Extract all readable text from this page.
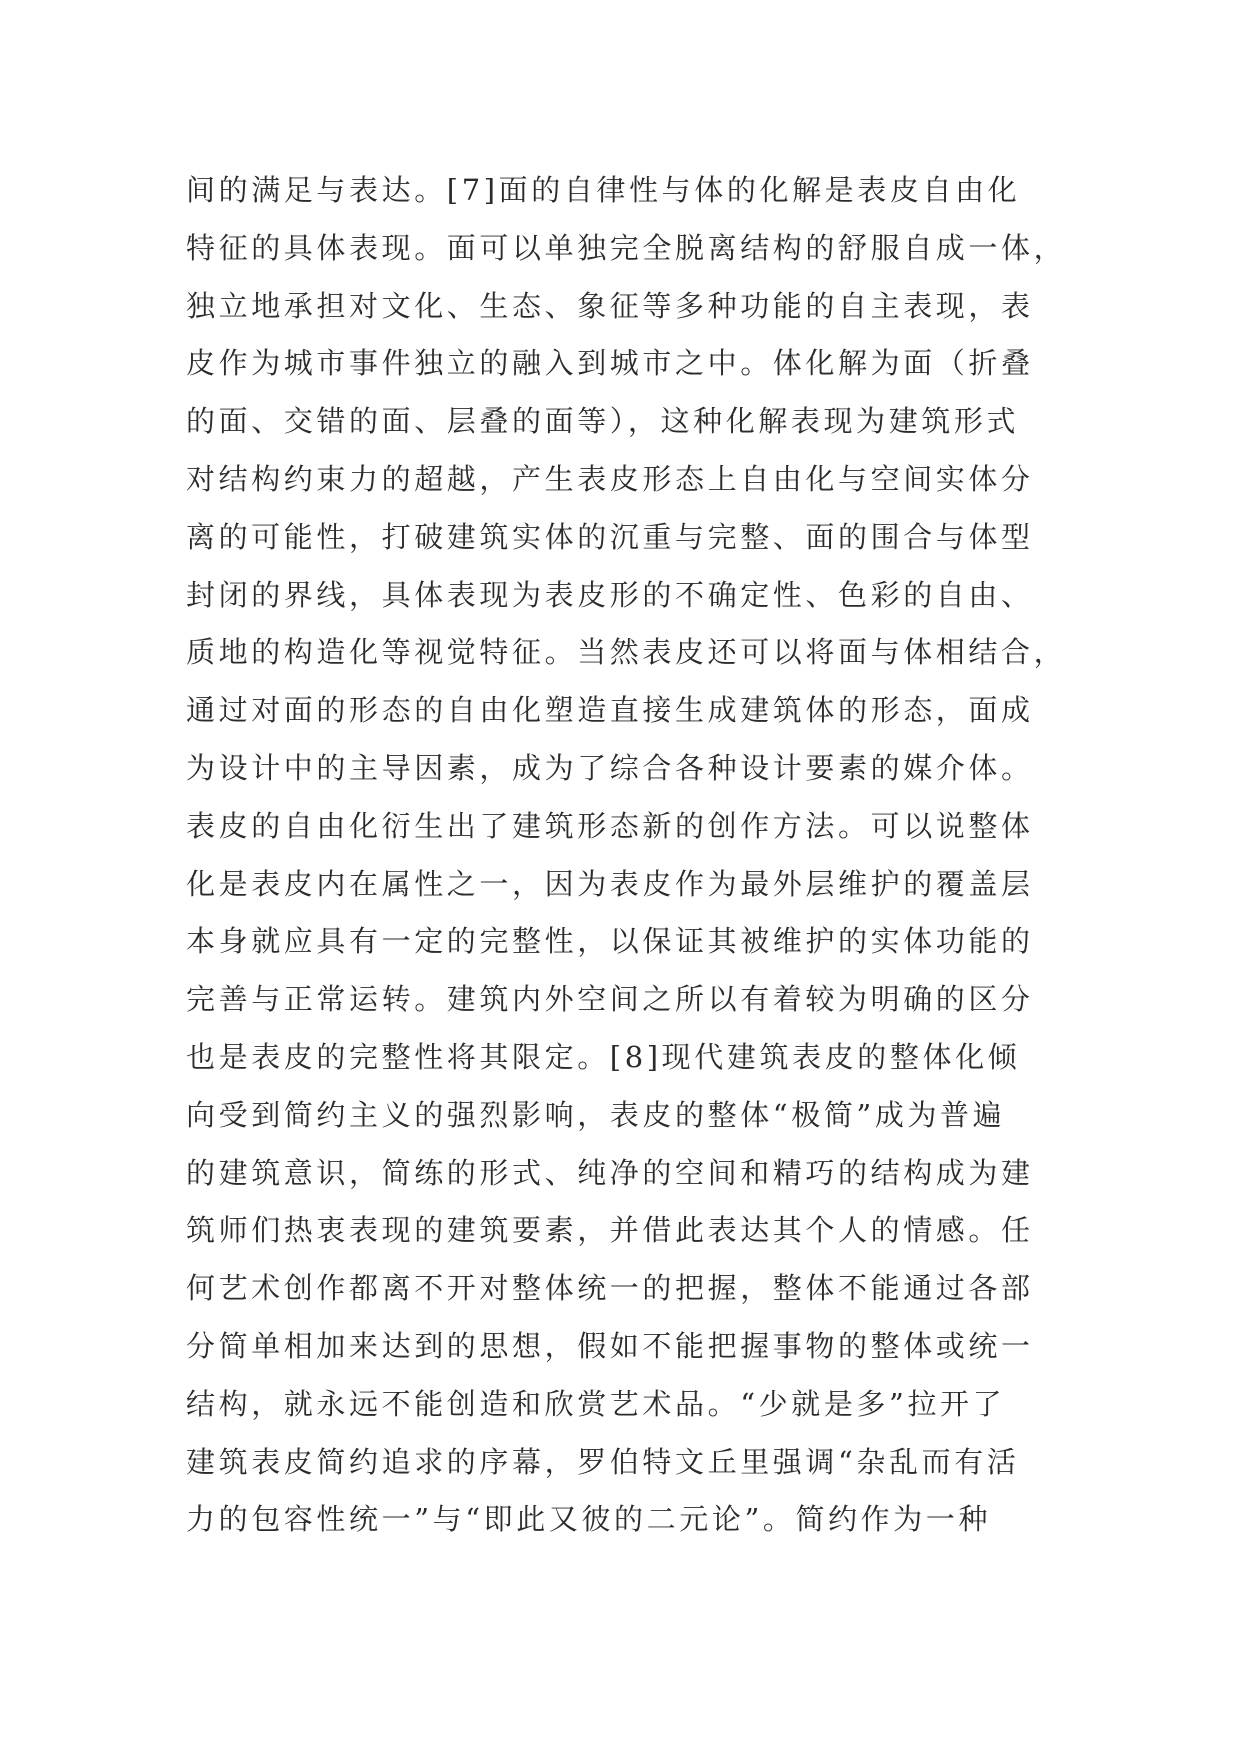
间的满足与表达。[7]面的自律性与体的化解是表皮自由化
特征的具体表现。面可以单独完全脱离结构的舒服自成一体，
独立地承担对文化、生态、象征等多种功能的自主表现，表
皮作为城市事件独立的融入到城市之中。体化解为面（折叠
的面、交错的面、层叠的面等），这种化解表现为建筑形式
对结构约束力的超越，产生表皮形态上自由化与空间实体分
离的可能性，打破建筑实体的沉重与完整、面的围合与体型
封闭的界线，具体表现为表皮形的不确定性、色彩的自由、
质地的构造化等视觉特征。当然表皮还可以将面与体相结合，
通过对面的形态的自由化塑造直接生成建筑体的形态，面成
为设计中的主导因素，成为了综合各种设计要素的媒介体。
表皮的自由化衍生出了建筑形态新的创作方法。可以说整体
化是表皮内在属性之一，因为表皮作为最外层维护的覆盖层
本身就应具有一定的完整性，以保证其被维护的实体功能的
完善与正常运转。建筑内外空间之所以有着较为明确的区分
也是表皮的完整性将其限定。[8]现代建筑表皮的整体化倾
向受到简约主义的强烈影响，表皮的整体“极简”成为普遍
的建筑意识，简练的形式、纯净的空间和精巧的结构成为建
筑师们热衷表现的建筑要素，并借此表达其个人的情感。任
何艺术创作都离不开对整体统一的把握，整体不能通过各部
分简单相加来达到的思想，假如不能把握事物的整体或统一
结构，就永远不能创造和欣赏艺术品。“少就是多”拉开了
建筑表皮简约追求的序幕，罗伯特文丘里强调“杂乱而有活
力的包容性统一”与“即此又彼的二元论”。简约作为一种
